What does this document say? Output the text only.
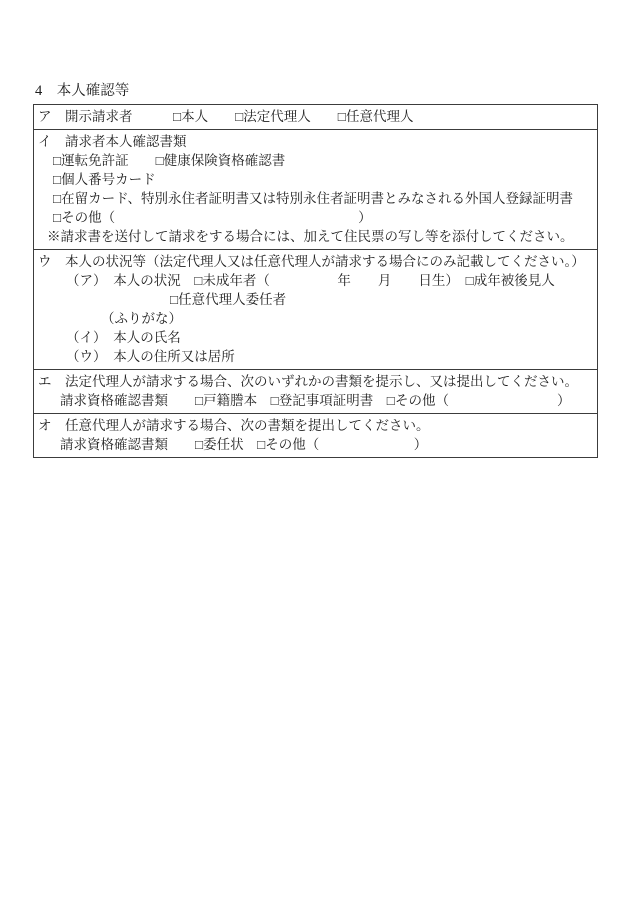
4　本人確認等
ア　開示請求者　　　□本人　　□法定代理人　　□任意代理人
イ　請求者本人確認書類
□運転免許証　　□健康保険資格確認書
□個人番号カード
□在留カード、特別永住者証明書又は特別永住者証明書とみなされる外国人登録証明書
□その他（　　　　　　　　　　　　　　　　　　）
※請求書を送付して請求をする場合には、加えて住民票の写し等を添付してください。
ウ　本人の状況等（法定代理人又は任意代理人が請求する場合にのみ記載してください。）
（ア）　本人の状況　□未成年者（　　　　　年　　月　　日生）　□成年被後見人
□任意代理人委任者
（ふりがな）
（イ）　本人の氏名
（ウ）　本人の住所又は居所
エ　法定代理人が請求する場合、次のいずれかの書類を提示し、又は提出してください。
請求資格確認書類　　□戸籍謄本　□登記事項証明書　□その他（　　　　　　　　）
オ　任意代理人が請求する場合、次の書類を提出してください。
請求資格確認書類　　□委任状　□その他（　　　　　　　）
